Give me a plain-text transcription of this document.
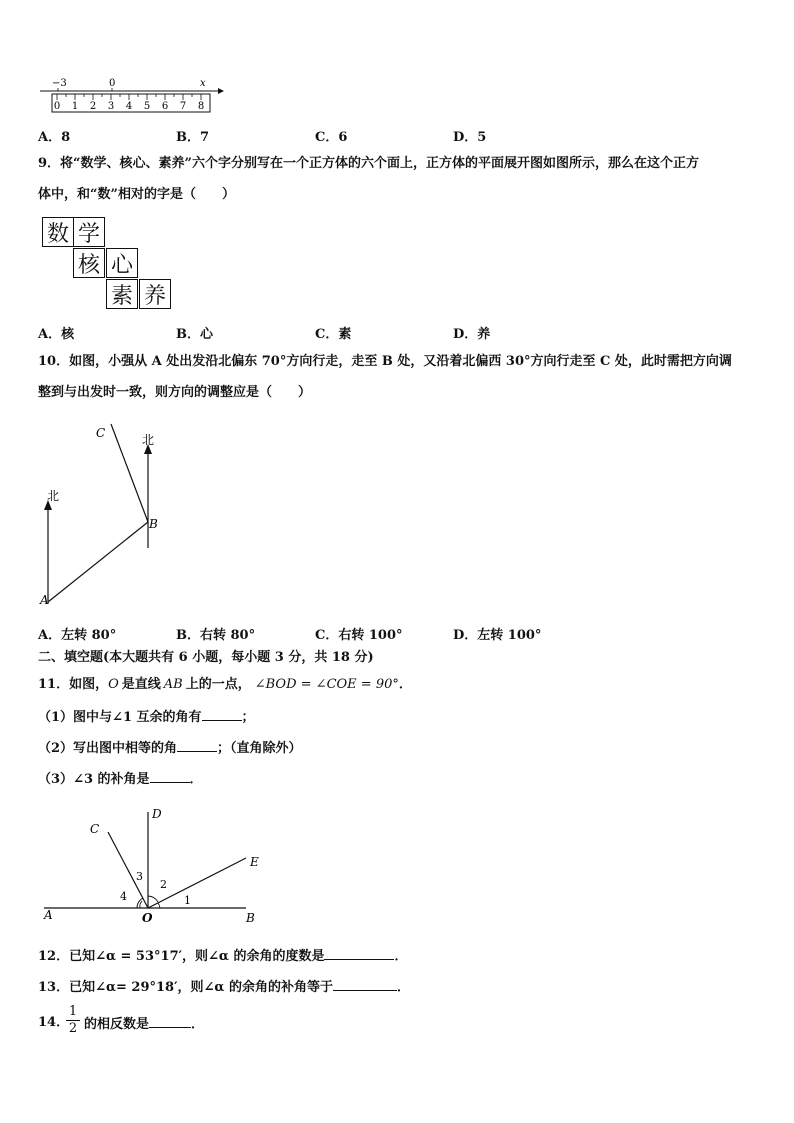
−3	0	x
0 1 2 3 4 5 6 7 8
A．8	B．7	C．6	D．5
9．将“数学、核心、素养”六个字分别写在一个正方体的六个面上，正方体的平面展开图如图所示，那么在这个正方
体中，和“数”相对的字是（　　）
数 学
核 心
素 养
A．核	B．心	C．素	D．养
10．如图，小强从 A 处出发沿北偏东 70°方向行走，走至 B 处，又沿着北偏西 30°方向行走至 C 处，此时需把方向调
整到与出发时一致，则方向的调整应是（　　）
北
北
A
B
C
A．左转 80°	B．右转 80°	C．右转 100°	D．左转 100°
二、填空题(本大题共有 6 小题，每小题 3 分，共 18 分)
11．如图，O 是直线 AB 上的一点， ∠BOD = ∠COE = 90°．
（1）图中与∠1 互余的角有	；
（2）写出图中相等的角	；（直角除外）
（3）∠3 的补角是	．
A	B
C
D
E
O
1
2
3
4
12．已知∠α = 53°17′，则∠α 的余角的度数是	．
13．已知∠α= 29°18′，则∠α 的余角的补角等于	．
14．
$\frac{1}{2}$ 的相反数是	．
